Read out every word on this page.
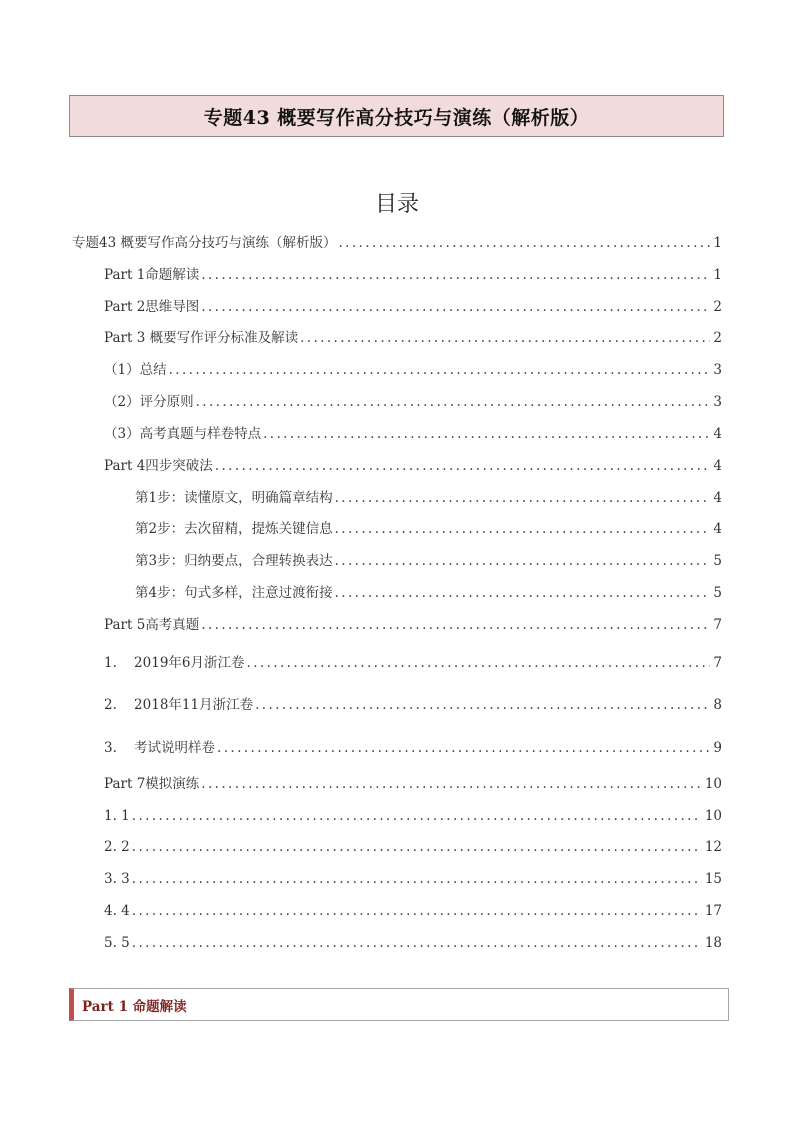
专题43 概要写作高分技巧与演练（解析版）
目录
专题43 概要写作高分技巧与演练（解析版） .....	1
Part 1命题解读 .....	1
Part 2思维导图 .....	2
Part 3 概要写作评分标准及解读 .....	2
（1）总结 .....	3
（2）评分原则 .....	3
（3）高考真题与样卷特点 .....	4
Part 4四步突破法 .....	4
第1步：读懂原文，明确篇章结构 .....	4
第2步：去次留精，提炼关键信息 .....	4
第3步：归纳要点，合理转换表达 .....	5
第4步：句式多样，注意过渡衔接 .....	5
Part 5高考真题 .....	7
1.    2019年6月浙江卷 .....	7
2.    2018年11月浙江卷 .....	8
3.    考试说明样卷 .....	9
Part 7模拟演练 .....	10
1. 1 .....	10
2. 2 .....	12
3. 3 .....	15
4. 4 .....	17
5. 5 .....	18
Part 1 命题解读
